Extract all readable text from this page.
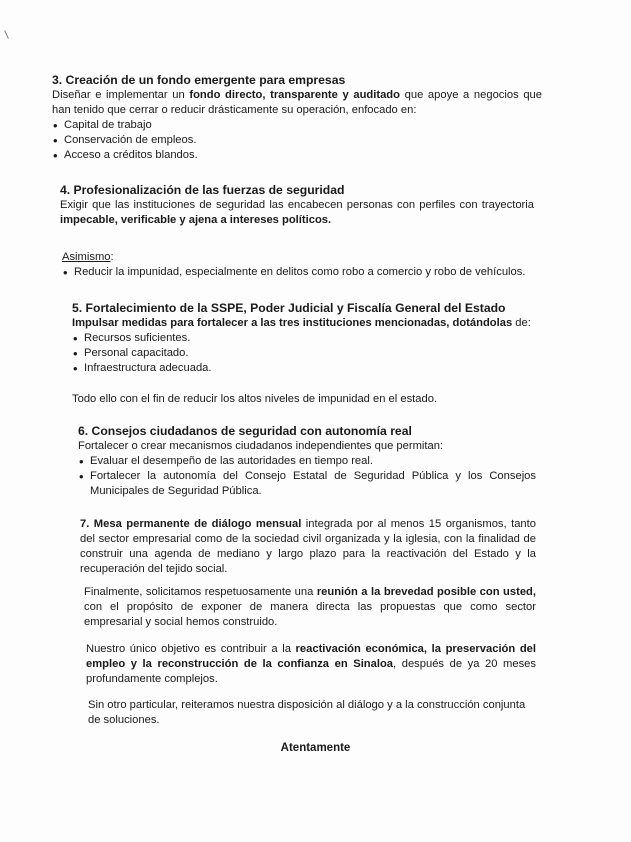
3. Creación de un fondo emergente para empresas

Diseñar e implementar un fondo directo, transparente y auditado que apoye a negocios que han tenido que cerrar o reducir drásticamente su operación, enfocado en:

• Capital de trabajo
• Conservación de empleos.
• Acceso a créditos blandos.
4. Profesionalización de las fuerzas de seguridad

Exigir que las instituciones de seguridad las encabecen personas con perfiles con trayectoria impecable, verificable y ajena a intereses políticos.

Asimismo:

• Reducir la impunidad, especialmente en delitos como robo a comercio y robo de vehículos.
5. Fortalecimiento de la SSPE, Poder Judicial y Fiscalía General del Estado

Impulsar medidas para fortalecer a las tres instituciones mencionadas, dotándolas de:

• Recursos suficientes.
• Personal capacitado.
• Infraestructura adecuada.

Todo ello con el fin de reducir los altos niveles de impunidad en el estado.

6. Consejos ciudadanos de seguridad con autonomía real

Fortalecer o crear mecanismos ciudadanos independientes que permitan:

• Evaluar el desempeño de las autoridades en tiempo real.
• Fortalecer la autonomía del Consejo Estatal de Seguridad Pública y los Consejos Municipales de Seguridad Pública.

7. Mesa permanente de diálogo mensual integrada por al menos 15 organismos, tanto del sector empresarial como de la sociedad civil organizada y la iglesia, con la finalidad de construir una agenda de mediano y largo plazo para la reactivación del Estado y la recuperación del tejido social.

Finalmente, solicitamos respetuosamente una reunión a la brevedad posible con usted, con el propósito de exponer de manera directa las propuestas que como sector empresarial y social hemos construido.

Nuestro único objetivo es contribuir a la reactivación económica, la preservación del empleo y la reconstrucción de la confianza en Sinaloa, después de ya 20 meses profundamente complejos.

Sin otro particular, reiteramos nuestra disposición al diálogo y a la construcción conjunta de soluciones.

Atentamente
